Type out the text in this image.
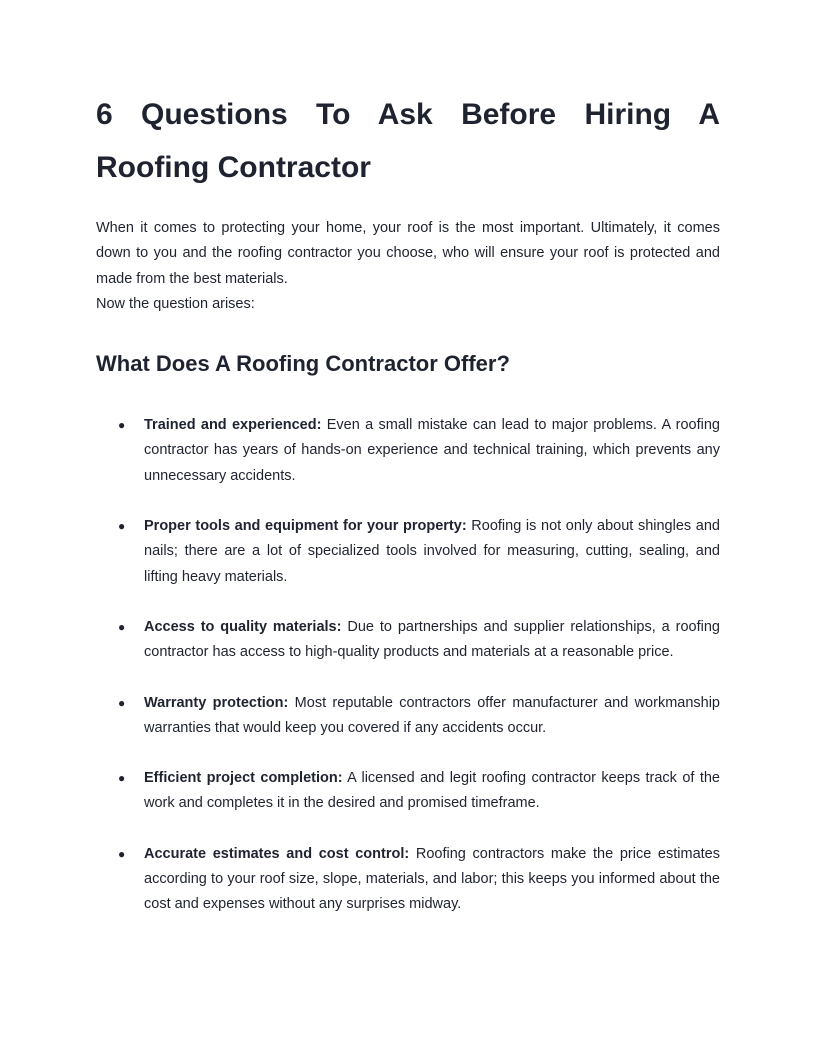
6 Questions To Ask Before Hiring A Roofing Contractor

When it comes to protecting your home, your roof is the most important. Ultimately, it comes down to you and the roofing contractor you choose, who will ensure your roof is protected and made from the best materials.

Now the question arises:

What Does A Roofing Contractor Offer?
● Trained and experienced: Even a small mistake can lead to major problems. A roofing contractor has years of hands-on experience and technical training, which prevents any unnecessary accidents.
● Proper tools and equipment for your property: Roofing is not only about shingles and nails; there are a lot of specialized tools involved for measuring, cutting, sealing, and lifting heavy materials.
● Access to quality materials: Due to partnerships and supplier relationships, a roofing contractor has access to high-quality products and materials at a reasonable price.
● Warranty protection: Most reputable contractors offer manufacturer and workmanship warranties that would keep you covered if any accidents occur.
● Efficient project completion: A licensed and legit roofing contractor keeps track of the work and completes it in the desired and promised timeframe.
● Accurate estimates and cost control: Roofing contractors make the price estimates according to your roof size, slope, materials, and labor; this keeps you informed about the cost and expenses without any surprises midway.
